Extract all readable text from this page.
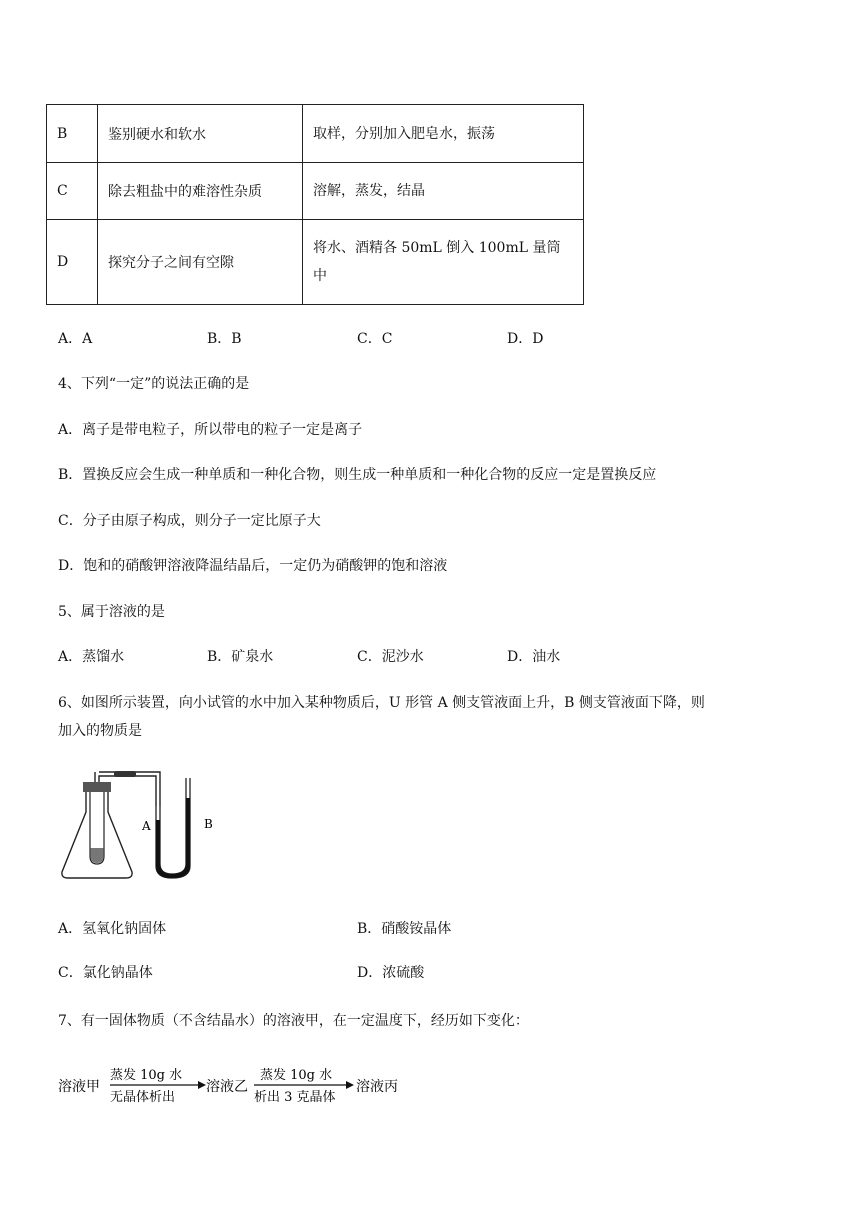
B	鉴别硬水和软水	取样，分别加入肥皂水，振荡
C	除去粗盐中的难溶性杂质	溶解，蒸发，结晶
D	探究分子之间有空隙	将水、酒精各 50mL 倒入 100mL 量筒中
A．A	B．B	C．C	D．D
4、下列“一定”的说法正确的是
A．离子是带电粒子，所以带电的粒子一定是离子
B．置换反应会生成一种单质和一种化合物，则生成一种单质和一种化合物的反应一定是置换反应
C．分子由原子构成，则分子一定比原子大
D．饱和的硝酸钾溶液降温结晶后，一定仍为硝酸钾的饱和溶液
5、属于溶液的是
A．蒸馏水	B．矿泉水	C．泥沙水	D．油水
6、如图所示装置，向小试管的水中加入某种物质后，U 形管 A 侧支管液面上升，B 侧支管液面下降，则
加入的物质是
A	B
A．氢氧化钠固体	B．硝酸铵晶体
C．氯化钠晶体	D．浓硫酸
7、有一固体物质（不含结晶水）的溶液甲，在一定温度下，经历如下变化：
溶液甲
蒸发 10g 水
无晶体析出
溶液乙
蒸发 10g 水
析出 3 克晶体
溶液丙
